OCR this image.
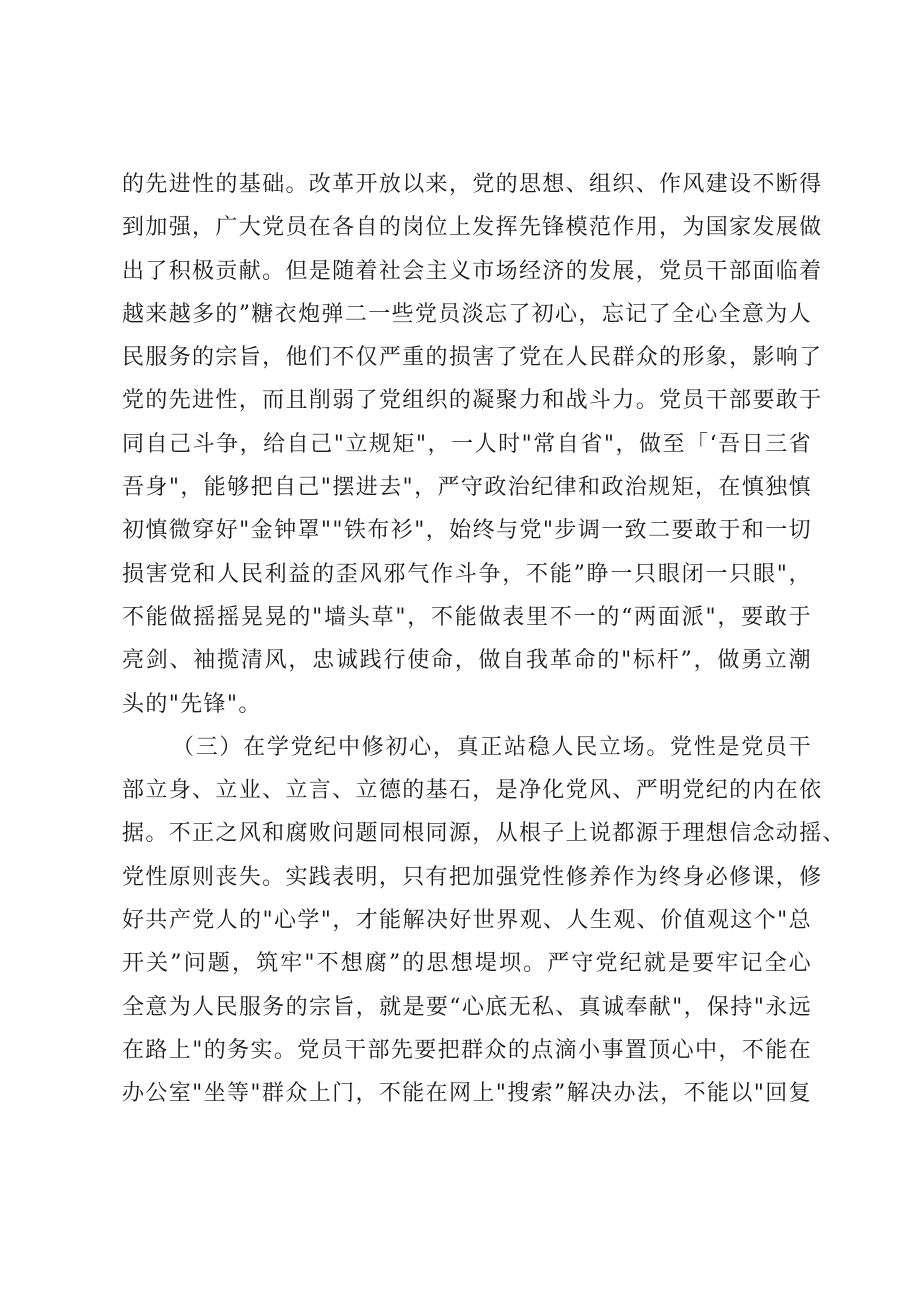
的先进性的基础。改革开放以来，党的思想、组织、作风建设不断得
到加强，广大党员在各自的岗位上发挥先锋模范作用，为国家发展做
出了积极贡献。但是随着社会主义市场经济的发展，党员干部面临着
越来越多的”糖衣炮弹二一些党员淡忘了初心，忘记了全心全意为人
民服务的宗旨，他们不仅严重的损害了党在人民群众的形象，影响了
党的先进性，而且削弱了党组织的凝聚力和战斗力。党员干部要敢于
同自己斗争，给自己"立规矩"，一人时"常自省"，做至「‘吾日三省
吾身"，能够把自己"摆进去"，严守政治纪律和政治规矩，在慎独慎
初慎微穿好"金钟罩""铁布衫"，始终与党"步调一致二要敢于和一切
损害党和人民利益的歪风邪气作斗争，不能”睁一只眼闭一只眼"，
不能做摇摇晃晃的"墙头草"，不能做表里不一的“两面派"，要敢于
亮剑、袖揽清风，忠诚践行使命，做自我革命的"标杆”，做勇立潮
头的"先锋"。
（三）在学党纪中修初心，真正站稳人民立场。党性是党员干
部立身、立业、立言、立德的基石，是净化党风、严明党纪的内在依
据。不正之风和腐败问题同根同源，从根子上说都源于理想信念动摇、
党性原则丧失。实践表明，只有把加强党性修养作为终身必修课，修
好共产党人的"心学"，才能解决好世界观、人生观、价值观这个"总
开关”问题，筑牢"不想腐”的思想堤坝。严守党纪就是要牢记全心
全意为人民服务的宗旨，就是要“心底无私、真诚奉献"，保持"永远
在路上"的务实。党员干部先要把群众的点滴小事置顶心中，不能在
办公室"坐等"群众上门，不能在网上"搜索”解决办法，不能以"回复
